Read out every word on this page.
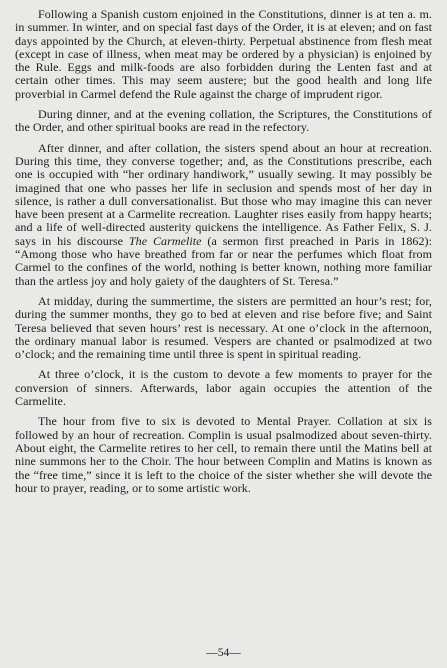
Following a Spanish custom enjoined in the Constitutions, dinner is at ten a. m. in summer. In winter, and on special fast days of the Order, it is at eleven; and on fast days appointed by the Church, at eleven-thirty. Perpetual abstinence from flesh meat (except in case of illness, when meat may be ordered by a physician) is enjoined by the Rule. Eggs and milk-foods are also forbidden during the Lenten fast and at certain other times. This may seem austere; but the good health and long life proverbial in Carmel defend the Rule against the charge of imprudent rigor.

During dinner, and at the evening collation, the Scriptures, the Constitutions of the Order, and other spiritual books are read in the refectory.

After dinner, and after collation, the sisters spend about an hour at recreation. During this time, they converse together; and, as the Constitutions prescribe, each one is occupied with “her ordinary handiwork,” usually sewing. It may possibly be imagined that one who passes her life in seclusion and spends most of her day in silence, is rather a dull conversationalist. But those who may imagine this can never have been present at a Carmelite recreation. Laughter rises easily from happy hearts; and a life of well-directed austerity quickens the intelligence. As Father Felix, S. J. says in his discourse The Carmelite (a sermon first preached in Paris in 1862): “Among those who have breathed from far or near the perfumes which float from Carmel to the confines of the world, nothing is better known, nothing more familiar than the artless joy and holy gaiety of the daughters of St. Teresa.”

At midday, during the summertime, the sisters are permitted an hour’s rest; for, during the summer months, they go to bed at eleven and rise before five; and Saint Teresa believed that seven hours’ rest is necessary. At one o’clock in the afternoon, the ordinary manual labor is resumed. Vespers are chanted or psalmodized at two o’clock; and the remaining time until three is spent in spiritual reading.

At three o’clock, it is the custom to devote a few moments to prayer for the conversion of sinners. Afterwards, labor again occupies the attention of the Carmelite.

The hour from five to six is devoted to Mental Prayer. Collation at six is followed by an hour of recreation. Complin is usual psalmodized about seven-thirty. About eight, the Carmelite retires to her cell, to remain there until the Matins bell at nine summons her to the Choir. The hour between Complin and Matins is known as the “free time,” since it is left to the choice of the sister whether she will devote the hour to prayer, reading, or to some artistic work.

—54—
